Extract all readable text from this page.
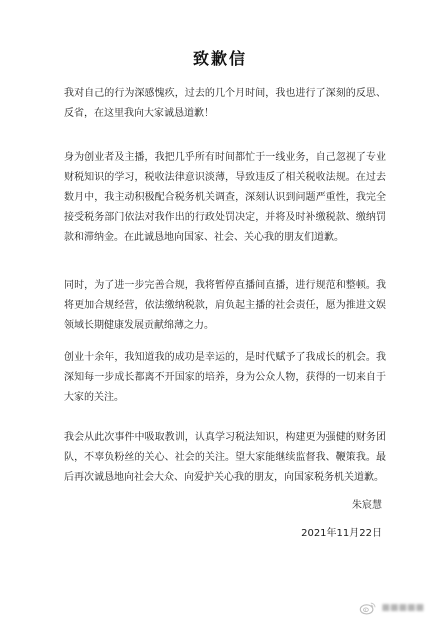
致歉信
我对自己的行为深感愧疚，过去的几个月时间，我也进行了深刻的反思、反省，在这里我向大家诚恳道歉！
身为创业者及主播，我把几乎所有时间都忙于一线业务，自己忽视了专业财税知识的学习，税收法律意识淡薄，导致违反了相关税收法规。在过去数月中，我主动积极配合税务机关调查，深刻认识到问题严重性，我完全接受税务部门依法对我作出的行政处罚决定，并将及时补缴税款、缴纳罚款和滞纳金。在此诚恳地向国家、社会、关心我的朋友们道歉。
同时，为了进一步完善合规，我将暂停直播间直播，进行规范和整顿。我将更加合规经营，依法缴纳税款，肩负起主播的社会责任，愿为推进文娱领域长期健康发展贡献绵薄之力。
创业十余年，我知道我的成功是幸运的，是时代赋予了我成长的机会。我深知每一步成长都离不开国家的培养，身为公众人物，获得的一切来自于大家的关注。
我会从此次事件中吸取教训，认真学习税法知识，构建更为强健的财务团队，不辜负粉丝的关心、社会的关注。望大家能继续监督我、鞭策我。最后再次诚恳地向社会大众、向爱护关心我的朋友，向国家税务机关道歉。
朱宸慧
2021年11月22日
■■■■■
